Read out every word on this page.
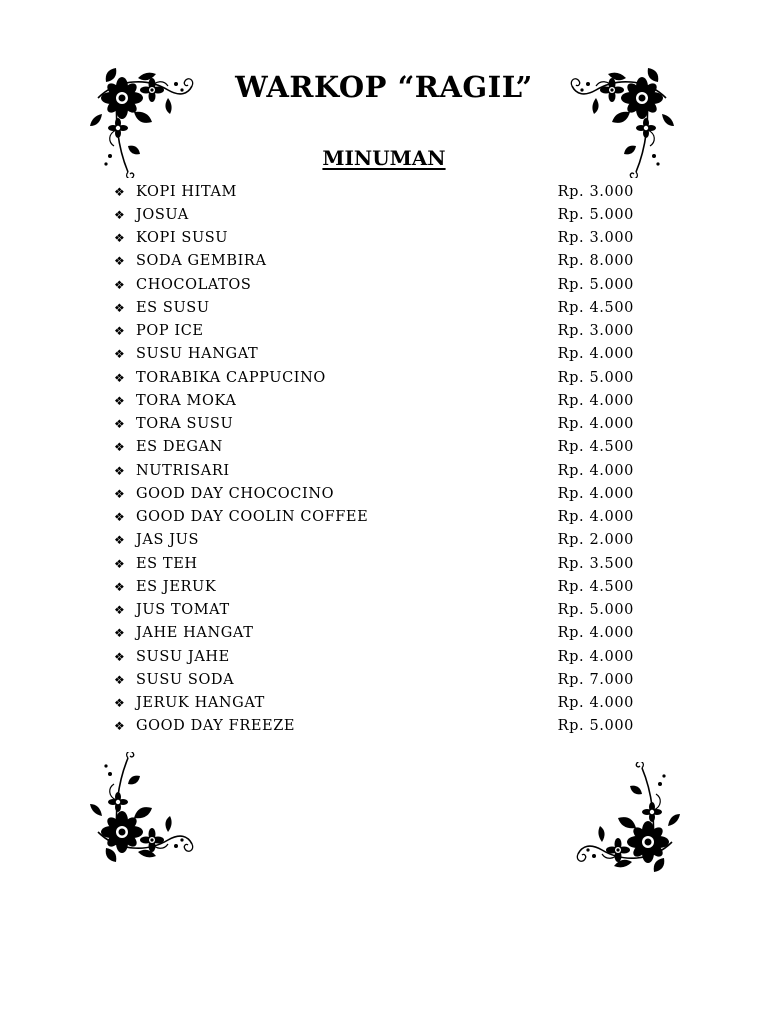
WARKOP “RAGIL”
MINUMAN
❖ KOPI HITAM	Rp. 3.000
❖ JOSUA	Rp. 5.000
❖ KOPI SUSU	Rp. 3.000
❖ SODA GEMBIRA	Rp. 8.000
❖ CHOCOLATOS	Rp. 5.000
❖ ES SUSU	Rp. 4.500
❖ POP ICE	Rp. 3.000
❖ SUSU HANGAT	Rp. 4.000
❖ TORABIKA CAPPUCINO	Rp. 5.000
❖ TORA MOKA	Rp. 4.000
❖ TORA SUSU	Rp. 4.000
❖ ES DEGAN	Rp. 4.500
❖ NUTRISARI	Rp. 4.000
❖ GOOD DAY CHOCOCINO	Rp. 4.000
❖ GOOD DAY COOLIN COFFEE	Rp. 4.000
❖ JAS JUS	Rp. 2.000
❖ ES TEH	Rp. 3.500
❖ ES JERUK	Rp. 4.500
❖ JUS TOMAT	Rp. 5.000
❖ JAHE HANGAT	Rp. 4.000
❖ SUSU JAHE	Rp. 4.000
❖ SUSU SODA	Rp. 7.000
❖ JERUK HANGAT	Rp. 4.000
❖ GOOD DAY FREEZE	Rp. 5.000
